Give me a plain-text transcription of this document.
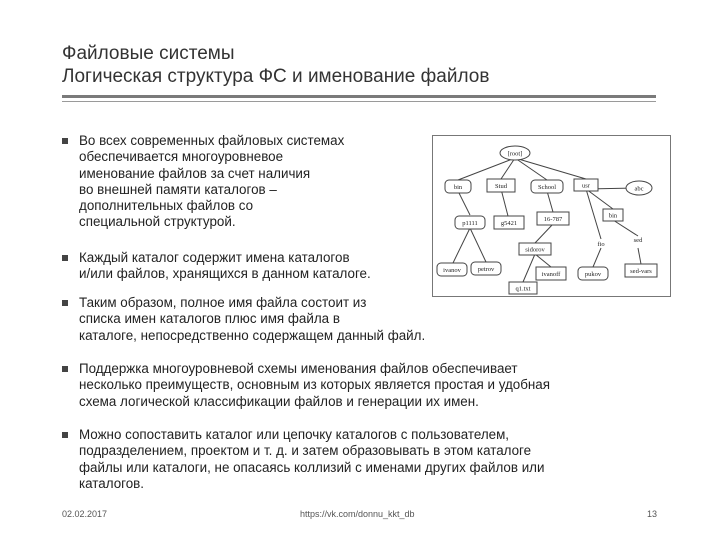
Файловые системы
Логическая структура ФС и именование файлов
Во всех современных файловых системах
обеспечивается многоуровневое
именование файлов за счет наличия
во внешней памяти каталогов –
дополнительных файлов со
специальной структурой.
Каждый каталог содержит имена каталогов
и/или файлов, хранящихся в данном каталоге.
Таким образом, полное имя файла состоит из
списка имен каталогов плюс имя файла в
каталоге, непосредственно содержащем данный файл.
Поддержка многоуровневой схемы именования файлов обеспечивает
несколько преимуществ, основным из которых является простая и удобная
схема логической классификации файлов и генерации их имен.
Можно сопоставить каталог или цепочку каталогов с пользователем,
подразделением, проектом и т. д. и затем образовывать в этом каталоге
файлы или каталоги, не опасаясь коллизий с именами других файлов или
каталогов.
[root]
bin	Stud	School	usr	abc
bin
p1111	g5421
16-787
fio
sed
sidorov
ivanov	petrov
ivanoff	pukov	sed-vars
q1.txt
02.02.2017	https://vk.com/donnu_kkt_db	13
